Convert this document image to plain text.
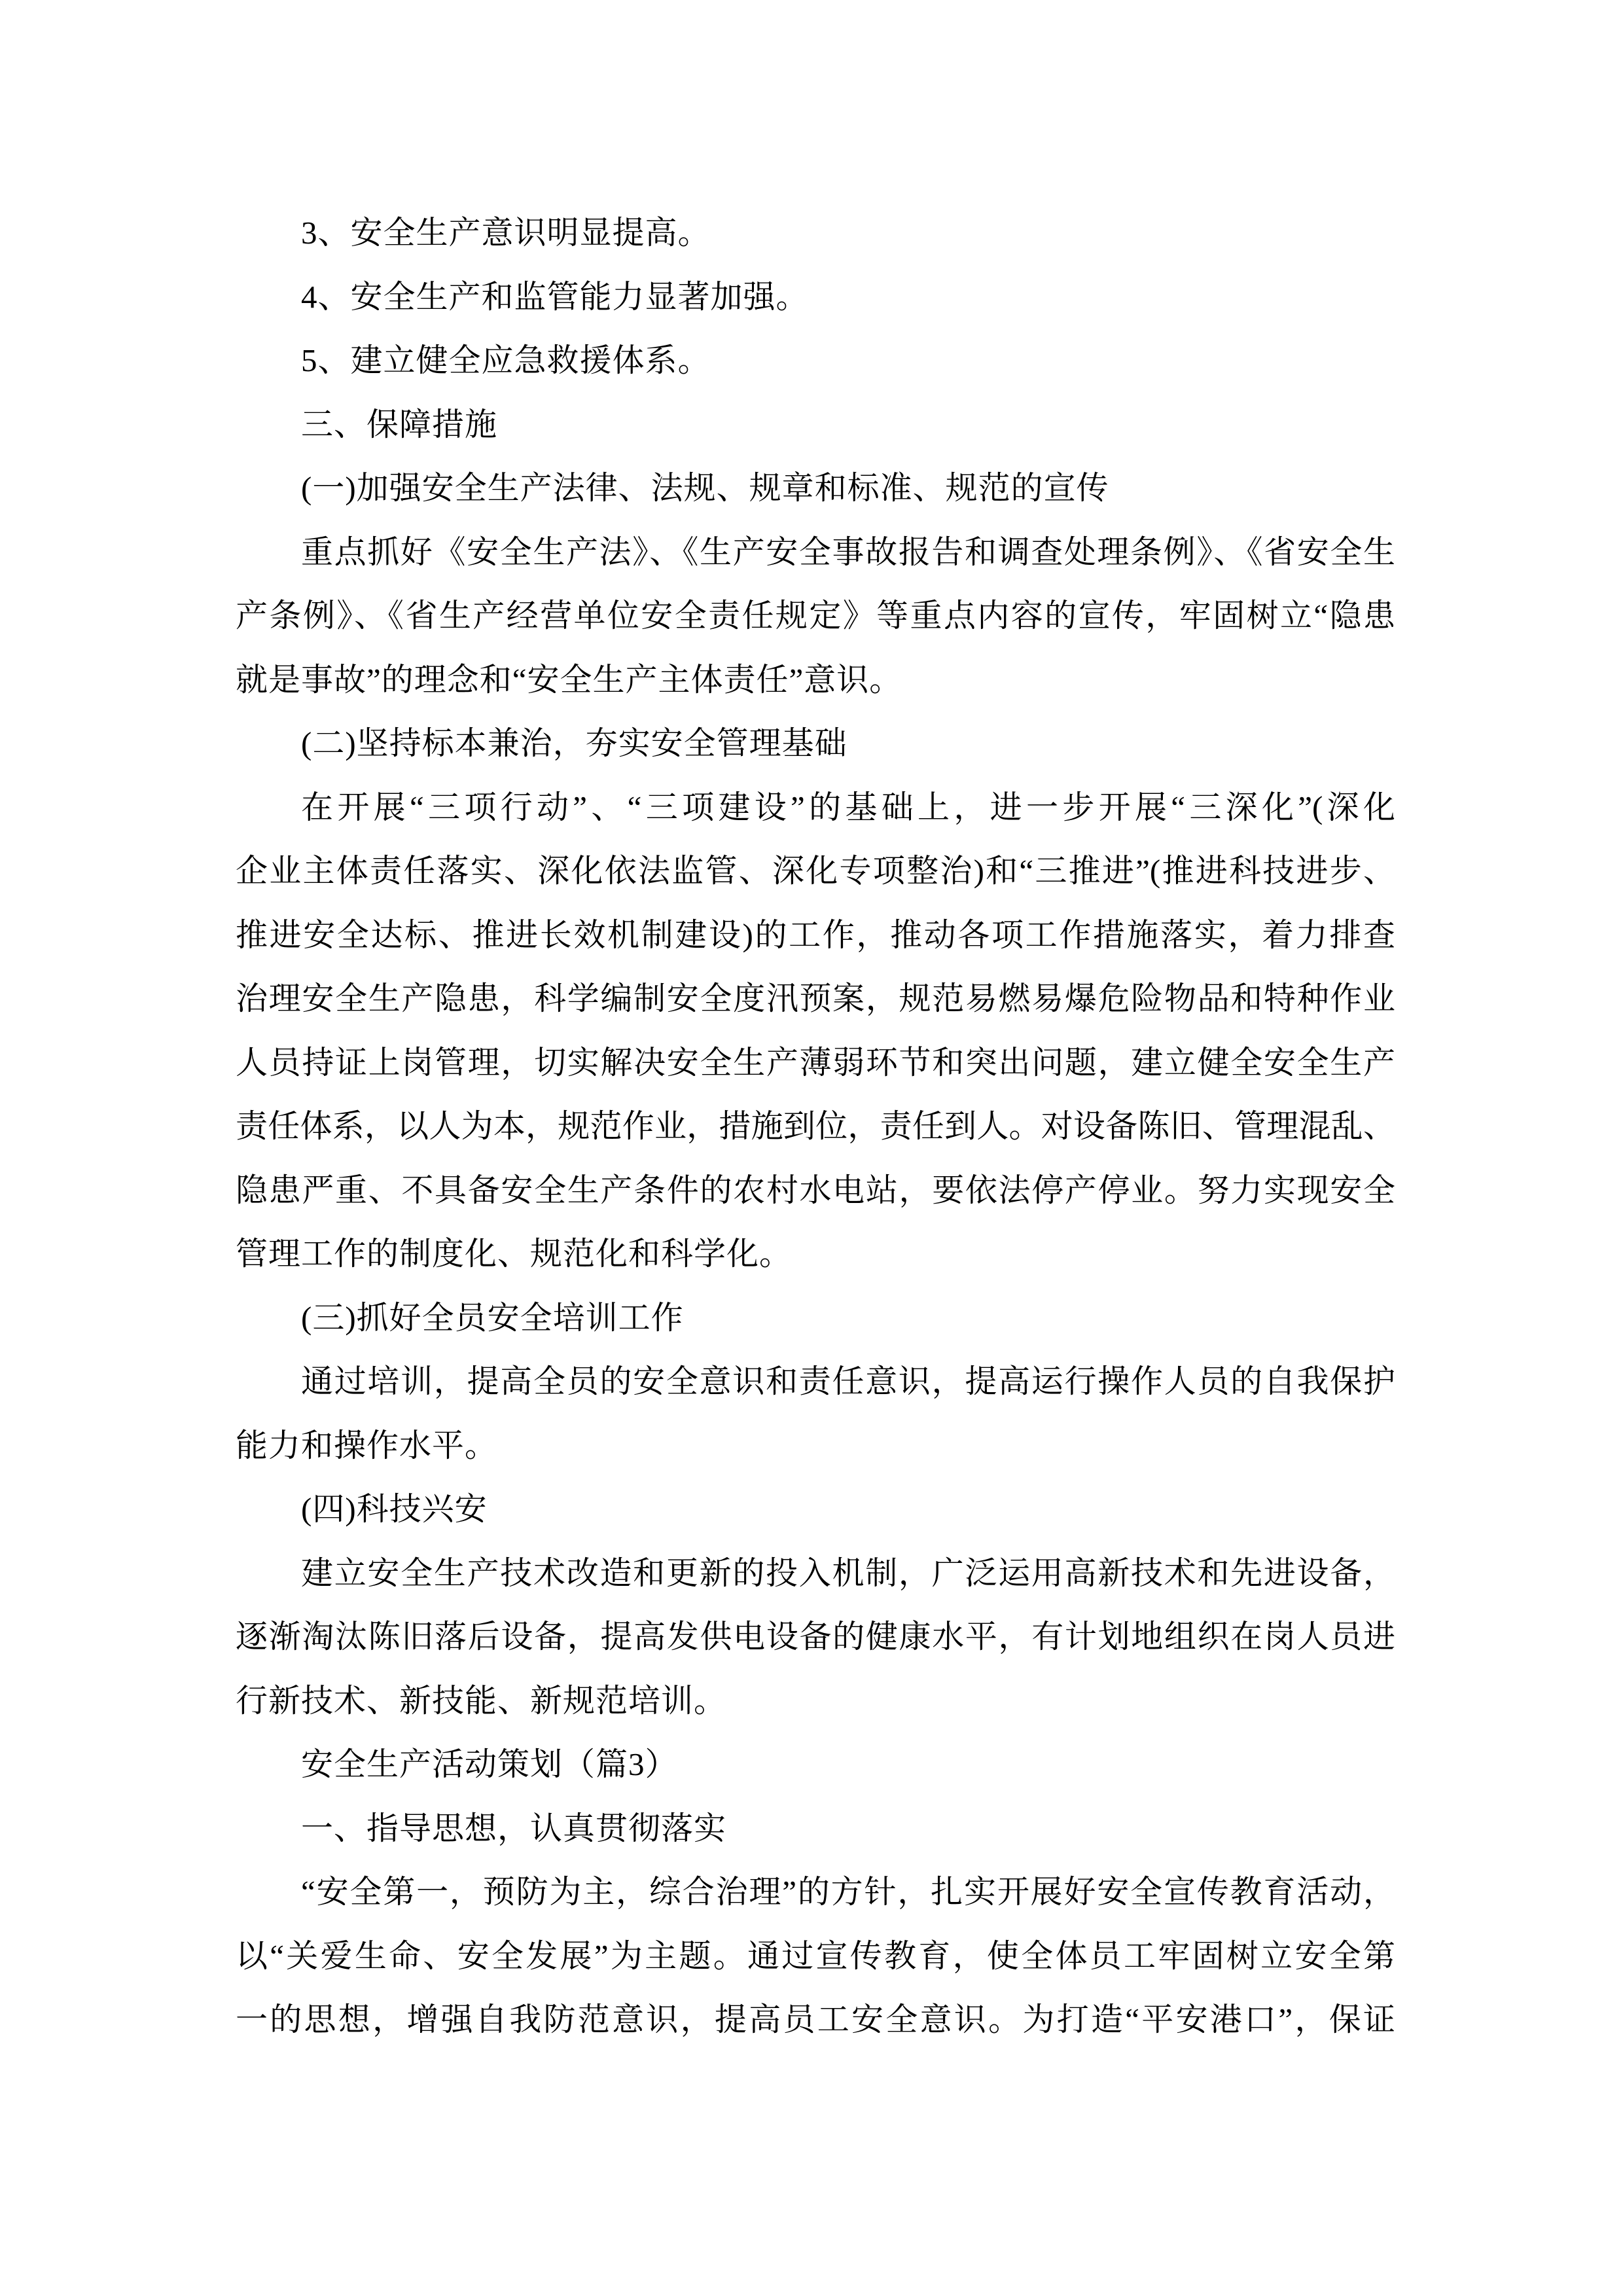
3、安全生产意识明显提高。
4、安全生产和监管能力显著加强。
5、建立健全应急救援体系。
三、保障措施
(一)加强安全生产法律、法规、规章和标准、规范的宣传
重点抓好《安全生产法》、《生产安全事故报告和调查处理条例》、《省安全生
产条例》、《省生产经营单位安全责任规定》等重点内容的宣传，牢固树立“隐患
就是事故”的理念和“安全生产主体责任”意识。
(二)坚持标本兼治，夯实安全管理基础
在开展“三项行动”、“三项建设”的基础上，进一步开展“三深化”(深化
企业主体责任落实、深化依法监管、深化专项整治)和“三推进”(推进科技进步、
推进安全达标、推进长效机制建设)的工作，推动各项工作措施落实，着力排查
治理安全生产隐患，科学编制安全度汛预案，规范易燃易爆危险物品和特种作业
人员持证上岗管理，切实解决安全生产薄弱环节和突出问题，建立健全安全生产
责任体系，以人为本，规范作业，措施到位，责任到人。对设备陈旧、管理混乱、
隐患严重、不具备安全生产条件的农村水电站，要依法停产停业。努力实现安全
管理工作的制度化、规范化和科学化。
(三)抓好全员安全培训工作
通过培训，提高全员的安全意识和责任意识，提高运行操作人员的自我保护
能力和操作水平。
(四)科技兴安
建立安全生产技术改造和更新的投入机制，广泛运用高新技术和先进设备，
逐渐淘汰陈旧落后设备，提高发供电设备的健康水平，有计划地组织在岗人员进
行新技术、新技能、新规范培训。
安全生产活动策划（篇3）
一、指导思想，认真贯彻落实
“安全第一，预防为主，综合治理”的方针，扎实开展好安全宣传教育活动，
以“关爱生命、安全发展”为主题。通过宣传教育，使全体员工牢固树立安全第
一的思想，增强自我防范意识，提高员工安全意识。为打造“平安港口”，保证
